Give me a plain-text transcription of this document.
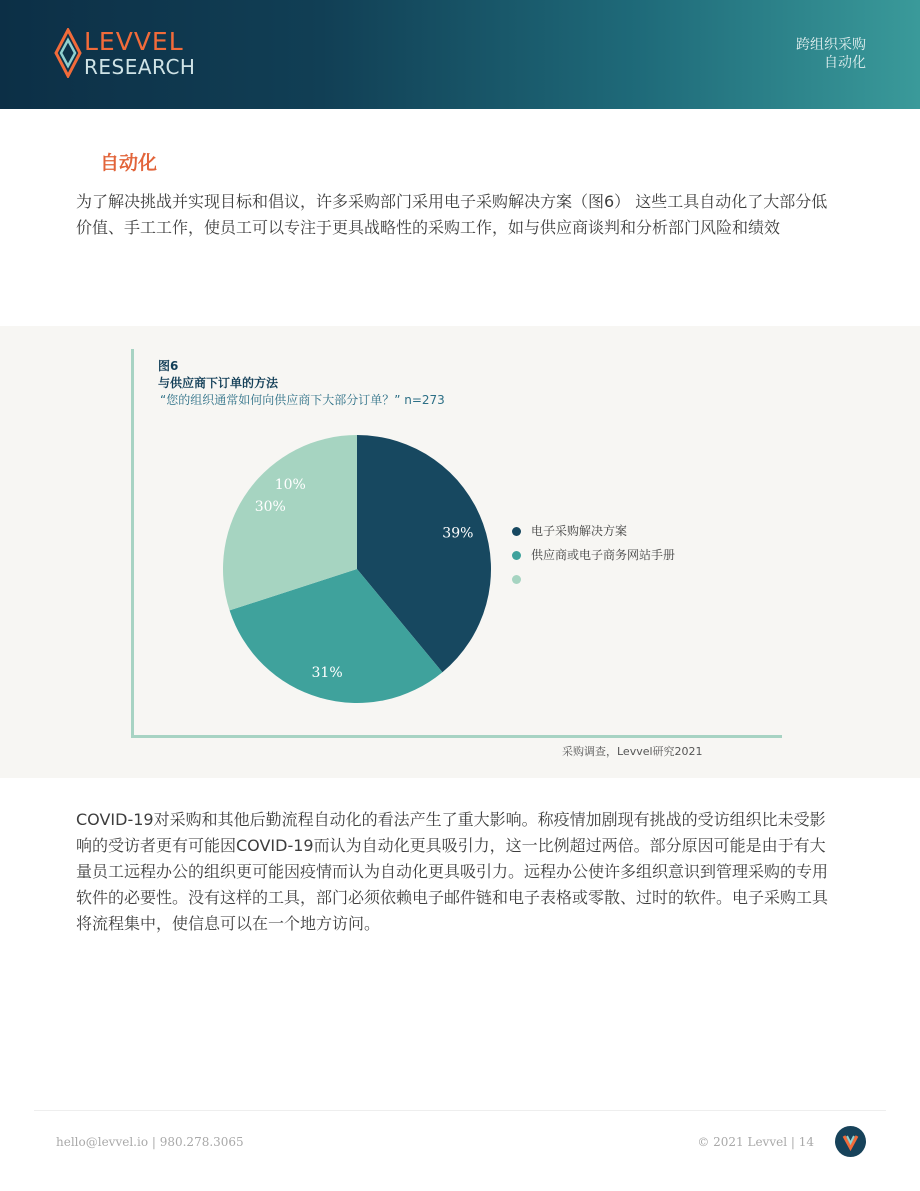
LEVVEL
RESEARCH
跨组织采购
自动化
自动化
为了解决挑战并实现目标和倡议，许多采购部门采用电子采购解决方案（图6） 这些工具自动化了大部分低价值、手工工作，使员工可以专注于更具战略性的采购工作，如与供应商谈判和分析部门风险和绩效
图6
与供应商下订单的方法
“您的组织通常如何向供应商下大部分订单？” n=273
39%
31%
30%
10%
电子采购解决方案
供应商或电子商务网站手册
采购调查，Levvel研究2021
COVID-19对采购和其他后勤流程自动化的看法产生了重大影响。称疫情加剧现有挑战的受访组织比未受影响的受访者更有可能因COVID-19而认为自动化更具吸引力，这一比例超过两倍。部分原因可能是由于有大量员工远程办公的组织更可能因疫情而认为自动化更具吸引力。远程办公使许多组织意识到管理采购的专用软件的必要性。没有这样的工具，部门必须依赖电子邮件链和电子表格或零散、过时的软件。电子采购工具将流程集中，使信息可以在一个地方访问。
hello@levvel.io | 980.278.3065	© 2021 Levvel | 14
